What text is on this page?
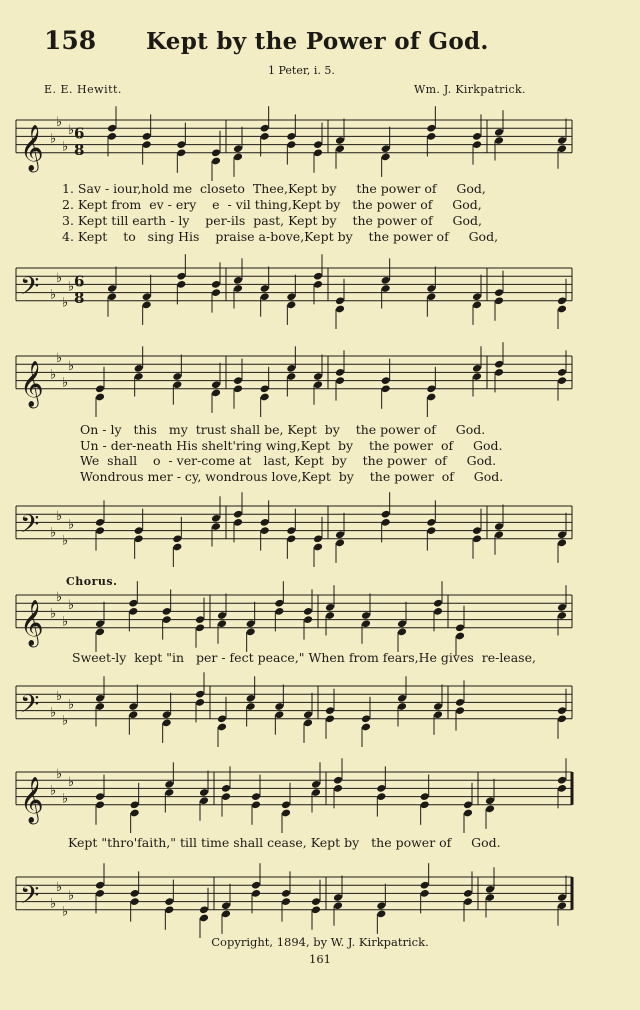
𝄞 ♭
♭
♭
♭ 6
8
𝄢 ♭
♭
♭
♭ 6
8
𝄞 ♭
♭
♭
♭
𝄢 ♭
♭
♭
♭
𝄞 ♭
♭
♭
♭
𝄢 ♭
♭
♭
♭
𝄞 ♭
♭
♭
♭
𝄢 ♭
♭
♭
♭
158 Kept by the Power of God.
1 Peter, i. 5.
E. E. Hewitt.	Wm. J. Kirkpatrick.
1. Sav - iour,hold me  closeto  Thee,Kept by     the power of     God,
2. Kept from  ev - ery    e  - vil thing,Kept by   the power of     God,
3. Kept till earth - ly    per-ils  past, Kept by    the power of     God,
4. Kept    to   sing His    praise a-bove,Kept by    the power of     God,
On - ly   this   my  trust shall be, Kept  by    the power of     God.
Un - der-neath His shelt'ring wing,Kept  by    the power  of     God.
We  shall    o  - ver-come at   last, Kept  by    the power  of     God.
Wondrous mer - cy, wondrous love,Kept  by    the power  of     God.
Chorus.
Sweet-ly  kept "in   per - fect peace," When from fears,He gives  re-lease,
Kept "thro'faith," till time shall cease, Kept by   the power of     God.
Copyright, 1894, by W. J. Kirkpatrick.
161
